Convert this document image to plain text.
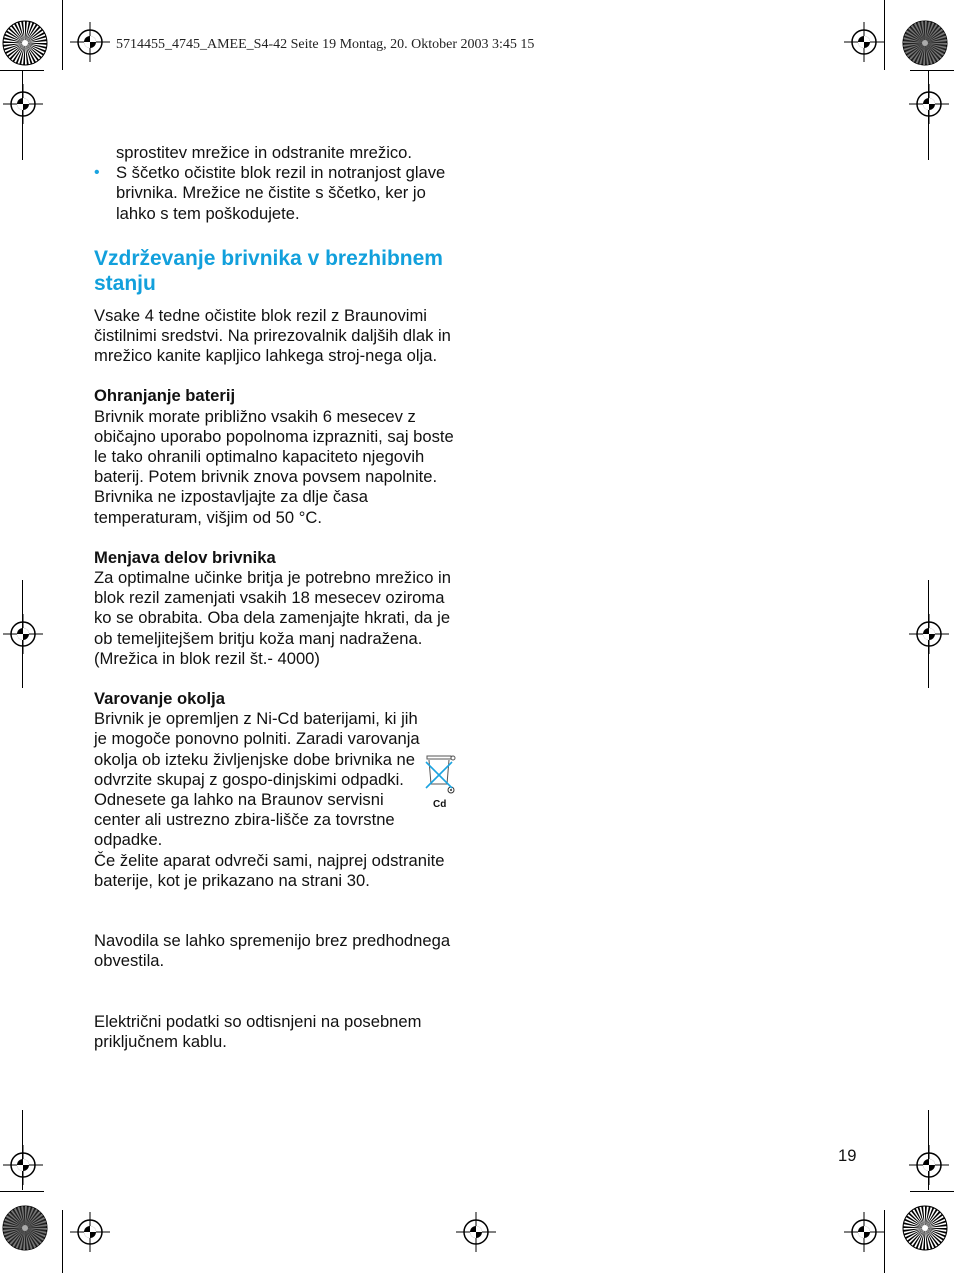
5714455_4745_AMEE_S4-42 Seite 19 Montag, 20. Oktober 2003 3:45 15

sprostitev mrežice in odstranite mrežico.

• S ščetko očistite blok rezil in notranjost glave brivnika. Mrežice ne čistite s ščetko, ker jo lahko s tem poškodujete.

Vzdrževanje brivnika v brezhibnem stanju

Vsake 4 tedne očistite blok rezil z Braunovimi čistilnimi sredstvi. Na prirezovalnik daljših dlak in mrežico kanite kapljico lahkega stroj-nega olja.

Ohranjanje baterij

Brivnik morate približno vsakih 6 mesecev z običajno uporabo popolnoma izprazniti, saj boste le tako ohranili optimalno kapaciteto njegovih baterij. Potem brivnik znova povsem napolnite. Brivnika ne izpostavljajte za dlje časa temperaturam, višjim od 50 °C.

Menjava delov brivnika

Za optimalne učinke britja je potrebno mrežico in blok rezil zamenjati vsakih 18 mesecev oziroma ko se obrabita. Oba dela zamenjajte hkrati, da je ob temeljitejšem britju koža manj nadražena.

(Mrežica in blok rezil št.- 4000)

Varovanje okolja

Brivnik je opremljen z Ni-Cd baterijami, ki jih je mogoče ponovno polniti. Zaradi varovanja okolja ob izteku življenjske dobe brivnika ne odvrzite skupaj z gospo-dinjskimi odpadki. Odnesete ga lahko na Braunov servisni center ali ustrezno zbira-lišče za tovrstne odpadke.

Če želite aparat odvreči sami, najprej odstranite baterije, kot je prikazano na strani 30.

Navodila se lahko spremenijo brez predhodnega obvestila.

Električni podatki so odtisnjeni na posebnem priključnem kablu.

Cd
19
